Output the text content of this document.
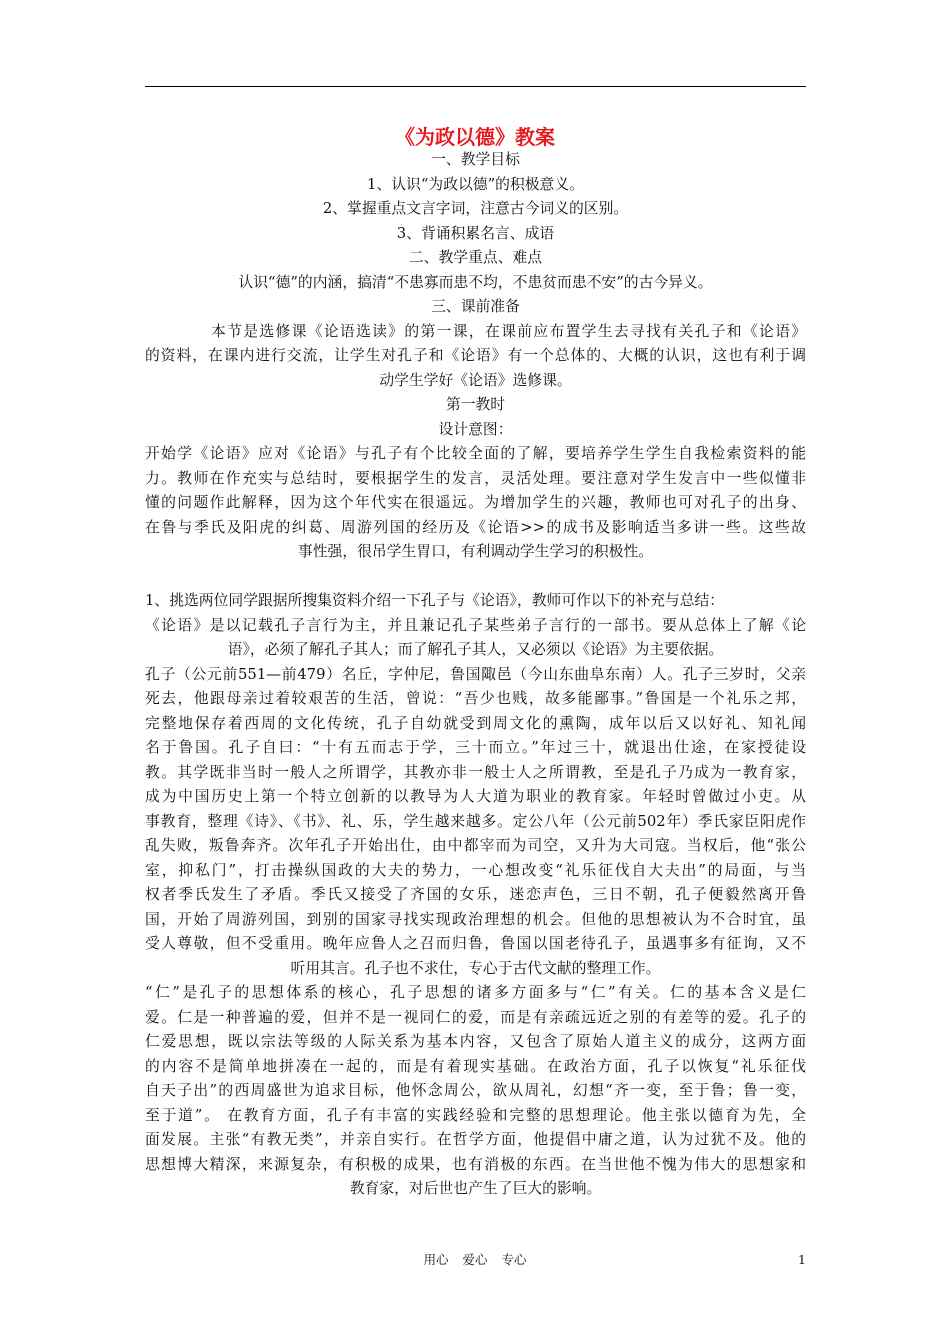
《为政以德》教案
一、教学目标
1、认识“为政以德”的积极意义。
2、掌握重点文言字词，注意古今词义的区别。
3、背诵积累名言、成语
二、教学重点、难点
认识“德”的内涵，搞清“不患寡而患不均，不患贫而患不安”的古今异义。
三、课前准备
本节是选修课《论语选读》的第一课，在课前应布置学生去寻找有关孔子和《论语》
的资料，在课内进行交流，让学生对孔子和《论语》有一个总体的、大概的认识，这也有利于调
动学生学好《论语》选修课。
第一教时
设计意图：
开始学《论语》应对《论语》与孔子有个比较全面的了解，要培养学生学生自我检索资料的能
力。教师在作充实与总结时，要根据学生的发言，灵活处理。要注意对学生发言中一些似懂非
懂的问题作此解释，因为这个年代实在很遥远。为增加学生的兴趣，教师也可对孔子的出身、
在鲁与季氏及阳虎的纠葛、周游列国的经历及《论语>>的成书及影响适当多讲一些。这些故
事性强，很吊学生胃口，有利调动学生学习的积极性。
1、挑选两位同学跟据所搜集资料介绍一下孔子与《论语》，教师可作以下的补充与总结：
《论语》是以记载孔子言行为主，并且兼记孔子某些弟子言行的一部书。要从总体上了解《论
语》，必须了解孔子其人；而了解孔子其人，又必须以《论语》为主要依据。
孔子（公元前551—前479）名丘，字仲尼，鲁国陬邑（今山东曲阜东南）人。孔子三岁时，父亲
死去，他跟母亲过着较艰苦的生活，曾说：“吾少也贱，故多能鄙事。”鲁国是一个礼乐之邦，
完整地保存着西周的文化传统，孔子自幼就受到周文化的熏陶，成年以后又以好礼、知礼闻
名于鲁国。孔子自曰：“十有五而志于学，三十而立。”年过三十，就退出仕途，在家授徒设
教。其学既非当时一般人之所谓学，其教亦非一般士人之所谓教，至是孔子乃成为一教育家，
成为中国历史上第一个特立创新的以教导为人大道为职业的教育家。年轻时曾做过小吏。从
事教育，整理《诗》、《书》、礼、乐，学生越来越多。定公八年（公元前502年）季氏家臣阳虎作
乱失败，叛鲁奔齐。次年孔子开始出仕，由中都宰而为司空，又升为大司寇。当权后，他“张公
室，抑私门”，打击操纵国政的大夫的势力，一心想改变“礼乐征伐自大夫出”的局面，与当
权者季氏发生了矛盾。季氏又接受了齐国的女乐，迷恋声色，三日不朝，孔子便毅然离开鲁
国，开始了周游列国，到别的国家寻找实现政治理想的机会。但他的思想被认为不合时宜，虽
受人尊敬，但不受重用。晚年应鲁人之召而归鲁，鲁国以国老待孔子，虽遇事多有征询，又不
听用其言。孔子也不求仕，专心于古代文献的整理工作。
“仁”是孔子的思想体系的核心，孔子思想的诸多方面多与“仁”有关。仁的基本含义是仁
爱。仁是一种普遍的爱，但并不是一视同仁的爱，而是有亲疏远近之别的有差等的爱。孔子的
仁爱思想，既以宗法等级的人际关系为基本内容，又包含了原始人道主义的成分，这两方面
的内容不是简单地拼凑在一起的，而是有着现实基础。在政治方面，孔子以恢复“礼乐征伐
自天子出”的西周盛世为追求目标，他怀念周公，欲从周礼，幻想“齐一变，至于鲁；鲁一变，
至于道”。 在教育方面，孔子有丰富的实践经验和完整的思想理论。他主张以德育为先，全
面发展。主张“有教无类”，并亲自实行。在哲学方面，他提倡中庸之道，认为过犹不及。他的
思想博大精深，来源复杂，有积极的成果，也有消极的东西。在当世他不愧为伟大的思想家和
教育家，对后世也产生了巨大的影响。
用心 爱心 专心	1
